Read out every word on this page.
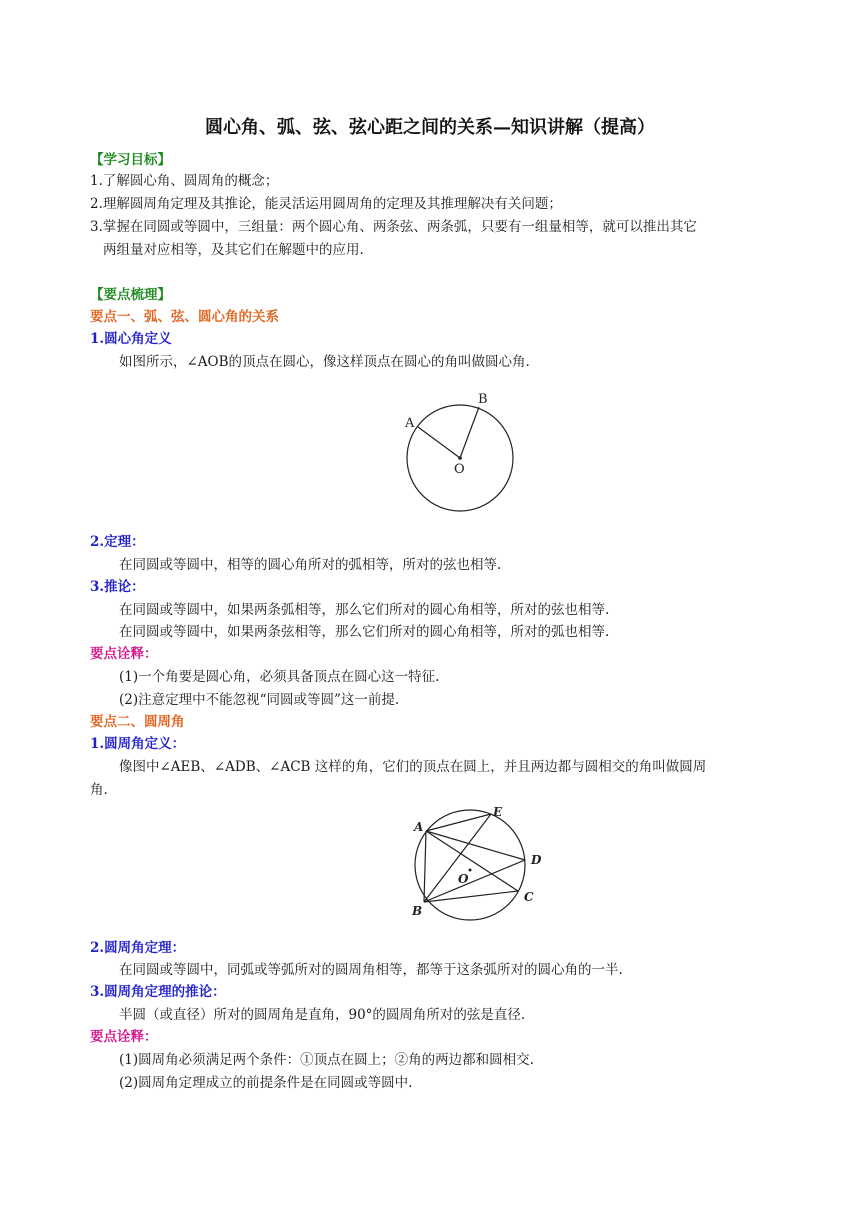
圆心角、弧、弦、弦心距之间的关系—知识讲解（提高）
【学习目标】
1.了解圆心角、圆周角的概念；
2.理解圆周角定理及其推论，能灵活运用圆周角的定理及其推理解决有关问题；
3.掌握在同圆或等圆中，三组量：两个圆心角、两条弦、两条弧，只要有一组量相等，就可以推出其它
两组量对应相等，及其它们在解题中的应用.
【要点梳理】
要点一、弧、弦、圆心角的关系
1.圆心角定义
如图所示，∠AOB的顶点在圆心，像这样顶点在圆心的角叫做圆心角.
A
B
O
2.定理：
在同圆或等圆中，相等的圆心角所对的弧相等，所对的弦也相等.
3.推论：
在同圆或等圆中，如果两条弧相等，那么它们所对的圆心角相等，所对的弦也相等.
在同圆或等圆中，如果两条弦相等，那么它们所对的圆心角相等，所对的弧也相等.
要点诠释：
(1)一个角要是圆心角，必须具备顶点在圆心这一特征.
(2)注意定理中不能忽视“同圆或等圆”这一前提.
要点二、圆周角
1.圆周角定义：
像图中∠AEB、∠ADB、∠ACB 这样的角，它们的顶点在圆上，并且两边都与圆相交的角叫做圆周
角.
A
E
D
C
B
O
2.圆周角定理：
在同圆或等圆中，同弧或等弧所对的圆周角相等，都等于这条弧所对的圆心角的一半.
3.圆周角定理的推论：
半圆（或直径）所对的圆周角是直角，90°的圆周角所对的弦是直径.
要点诠释：
(1)圆周角必须满足两个条件：①顶点在圆上；②角的两边都和圆相交.
(2)圆周角定理成立的前提条件是在同圆或等圆中.
